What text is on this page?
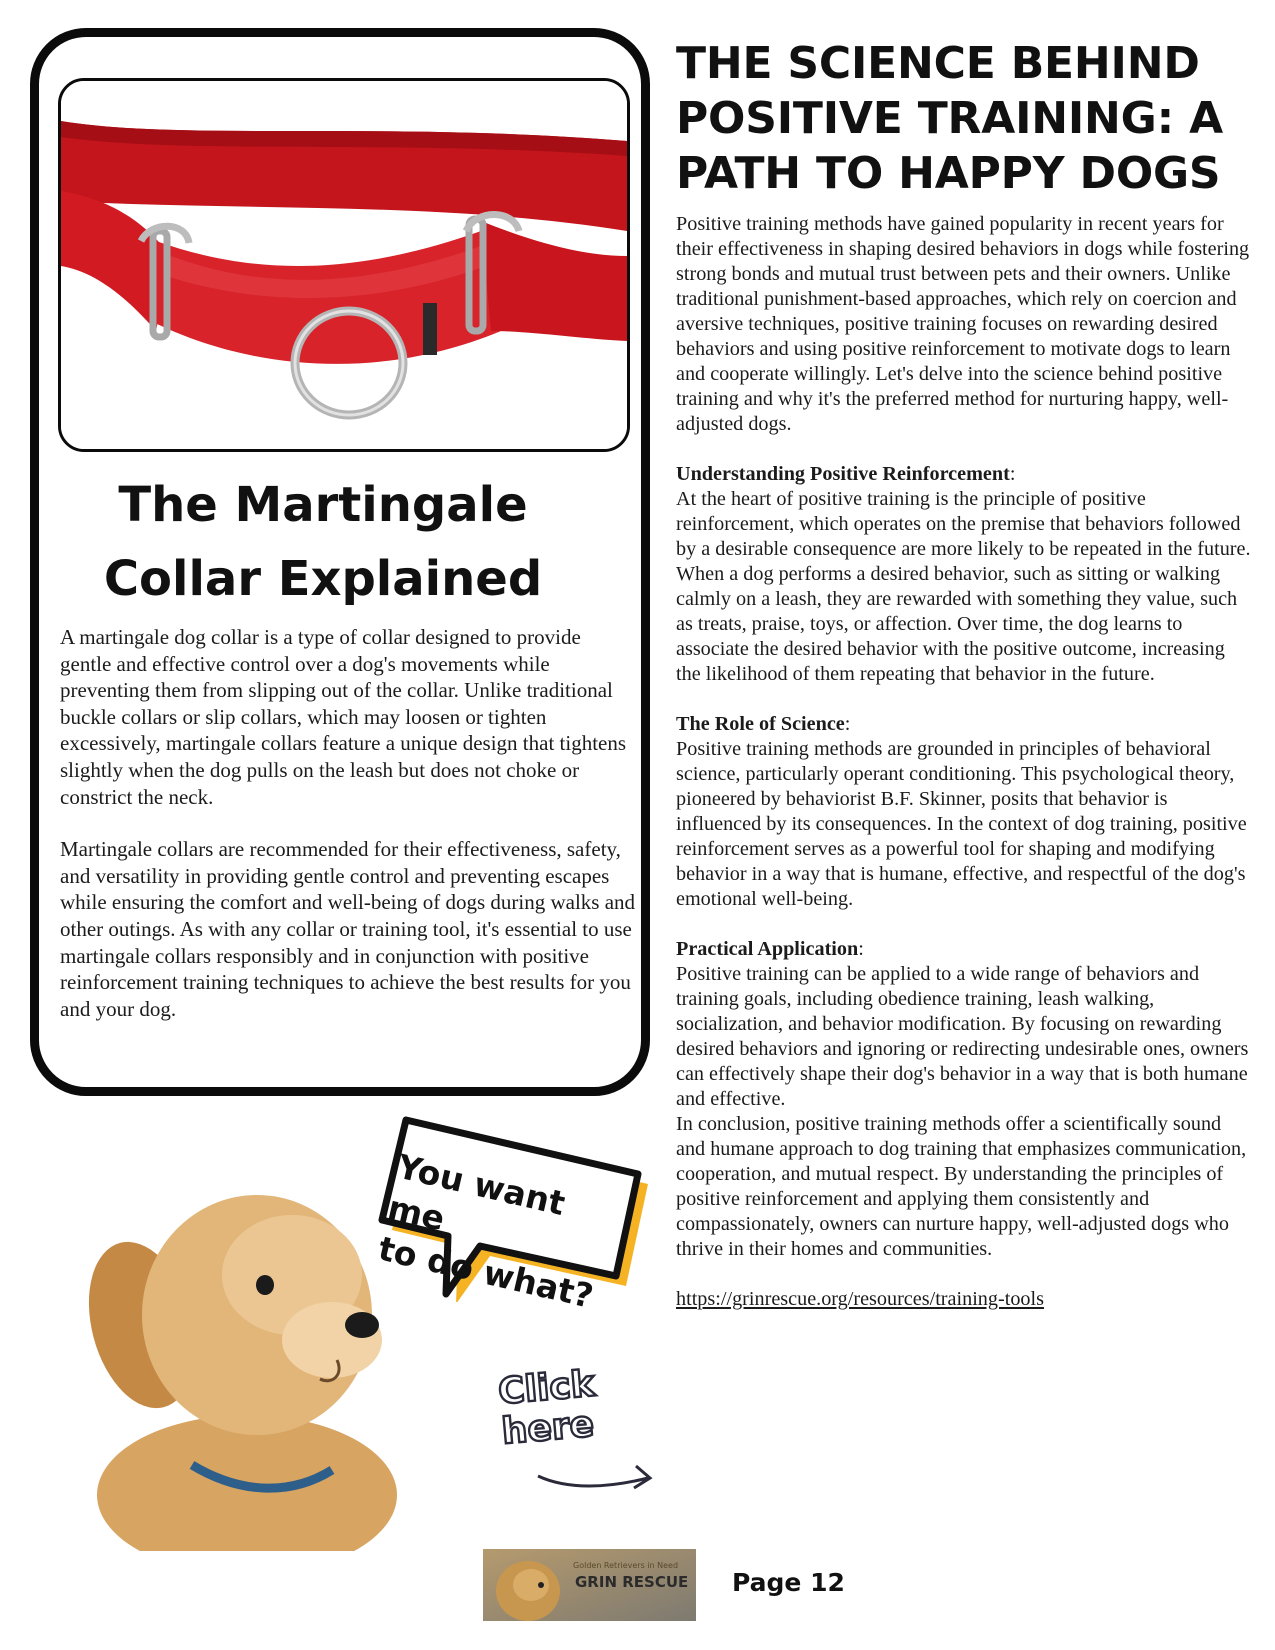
The Martingale
Collar Explained

A martingale dog collar is a type of collar designed to provide gentle and effective control over a dog's movements while preventing them from slipping out of the collar. Unlike traditional buckle collars or slip collars, which may loosen or tighten excessively, martingale collars feature a unique design that tightens slightly when the dog pulls on the leash but does not choke or constrict the neck.

Martingale collars are recommended for their effectiveness, safety, and versatility in providing gentle control and preventing escapes while ensuring the comfort and well-being of dogs during walks and other outings. As with any collar or training tool, it's essential to use martingale collars responsibly and in conjunction with positive reinforcement training techniques to achieve the best results for you and your dog.

THE SCIENCE BEHIND POSITIVE TRAINING: A PATH TO HAPPY DOGS

Positive training methods have gained popularity in recent years for their effectiveness in shaping desired behaviors in dogs while fostering strong bonds and mutual trust between pets and their owners. Unlike traditional punishment-based approaches, which rely on coercion and aversive techniques, positive training focuses on rewarding desired behaviors and using positive reinforcement to motivate dogs to learn and cooperate willingly. Let's delve into the science behind positive training and why it's the preferred method for nurturing happy, well-adjusted dogs.

Understanding Positive Reinforcement:

At the heart of positive training is the principle of positive reinforcement, which operates on the premise that behaviors followed by a desirable consequence are more likely to be repeated in the future. When a dog performs a desired behavior, such as sitting or walking calmly on a leash, they are rewarded with something they value, such as treats, praise, toys, or affection. Over time, the dog learns to associate the desired behavior with the positive outcome, increasing the likelihood of them repeating that behavior in the future.

The Role of Science:

Positive training methods are grounded in principles of behavioral science, particularly operant conditioning. This psychological theory, pioneered by behaviorist B.F. Skinner, posits that behavior is influenced by its consequences. In the context of dog training, positive reinforcement serves as a powerful tool for shaping and modifying behavior in a way that is humane, effective, and respectful of the dog's emotional well-being.

Practical Application:

Positive training can be applied to a wide range of behaviors and training goals, including obedience training, leash walking, socialization, and behavior modification. By focusing on rewarding desired behaviors and ignoring or redirecting undesirable ones, owners can effectively shape their dog's behavior in a way that is both humane and effective.

In conclusion, positive training methods offer a scientifically sound and humane approach to dog training that emphasizes communication, cooperation, and mutual respect. By understanding the principles of positive reinforcement and applying them consistently and compassionately, owners can nurture happy, well-adjusted dogs who thrive in their homes and communities.

https://grinrescue.org/resources/training-tools

You want me
to do what?

Click here

Golden Retrievers in Need
GRIN RESCUE Page 12
